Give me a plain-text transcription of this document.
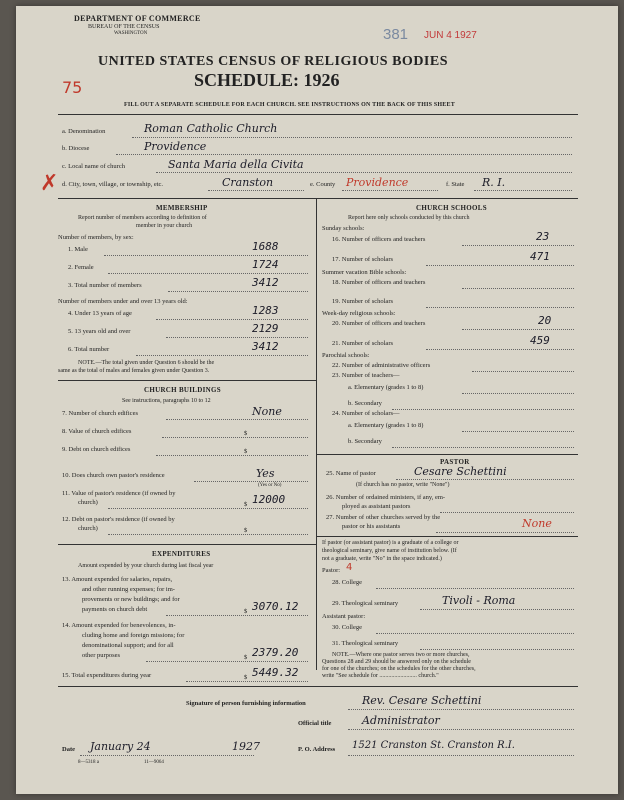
DEPARTMENT OF COMMERCE
BUREAU OF THE CENSUS
WASHINGTON	381 JUN 4 1927
UNITED STATES CENSUS OF RELIGIOUS BODIES
SCHEDULE: 1926
75
FILL OUT A SEPARATE SCHEDULE FOR EACH CHURCH. SEE INSTRUCTIONS ON THE BACK OF THIS SHEET
a. Denomination	Roman Catholic Church
b. Diocese	Providence
c. Local name of church	Santa Maria della Civita
✗ d. City, town, village, or township, etc.	Cranston	e. County Providence	f. State R. I.
MEMBERSHIP
Report number of members according to definition of
member in your church
Number of members, by sex:
1. Male	1688
2. Female	1724
3. Total number of members	3412
Number of members under and over 13 years old:
4. Under 13 years of age	1283
5. 13 years old and over	2129
6. Total number	3412
NOTE.—The total given under Question 6 should be the
same as the total of males and females given under Question 3.
CHURCH BUILDINGS
See instructions, paragraphs 10 to 12
7. Number of church edifices	None
8. Value of church edifices	$
9. Debt on church edifices	$
10. Does church own pastor's residence	Yes
(Yes or No)
11. Value of pastor's residence (if owned by
church)	$ 12000
12. Debt on pastor's residence (if owned by
church)	$
EXPENDITURES
Amount expended by your church during last fiscal year
13. Amount expended for salaries, repairs,
and other running expenses; for im-
provements or new buildings; and for
payments on church debt	$ 3070.12
14. Amount expended for benevolences, in-
cluding home and foreign missions; for
denominational support; and for all
other purposes	$ 2379.20
15. Total expenditures during year	$ 5449.32
CHURCH SCHOOLS
Report here only schools conducted by this church
Sunday schools:
16. Number of officers and teachers	23
17. Number of scholars	471
Summer vacation Bible schools:
18. Number of officers and teachers
19. Number of scholars
Week-day religious schools:
20. Number of officers and teachers	20
21. Number of scholars	459
Parochial schools:
22. Number of administrative officers
23. Number of teachers—
a. Elementary (grades 1 to 8)
b. Secondary
24. Number of scholars—
a. Elementary (grades 1 to 8)
b. Secondary
PASTOR
25. Name of pastor	Cesare Schettini
(If church has no pastor, write "None")
26. Number of ordained ministers, if any, em-
ployed as assistant pastors
27. Number of other churches served by the
pastor or his assistants	None
If pastor (or assistant pastor) is a graduate of a college or
theological seminary, give name of institution below. (If
not a graduate, write "No" in the space indicated.)
Pastor: 4
28. College
29. Theological seminary	Tivoli - Roma
Assistant pastor:
30. College
31. Theological seminary
NOTE.—Where one pastor serves two or more churches,
Questions 28 and 29 should be answered only on the schedule
for one of the churches; on the schedules for the other churches,
write "See schedule for ......................... church."
Signature of person furnishing information	Rev. Cesare Schettini
Official title	Administrator
Date January 24	1927	P. O. Address 1521 Cranston St. Cranston R.I.
8—5318 a	11—9064
